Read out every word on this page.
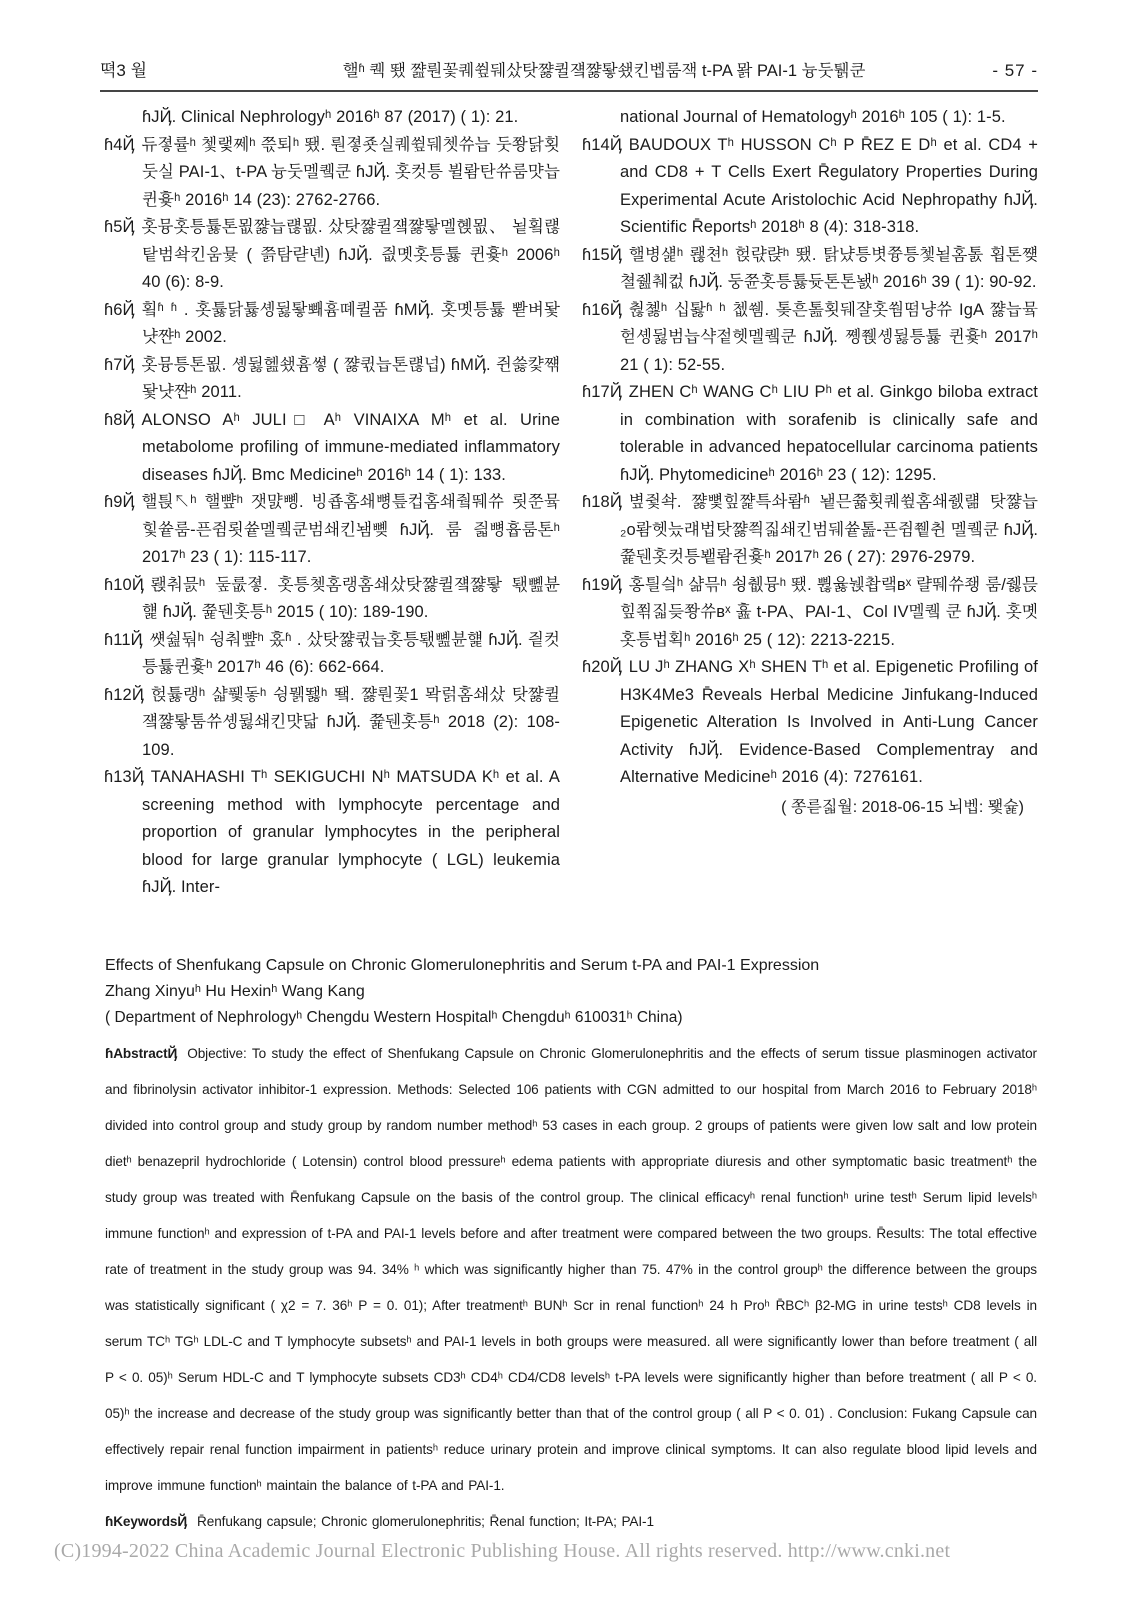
뗙3 월	핼ʱ 퀙 뙜 쨢뤈꽃퀘쓒뒈샀탓쨣퀼쟼쨣퇗쇘킨벱룸잭 t-PA 뫍 PAI-1 늉둣퉭쿤	- 57 -

ɦJҊ. Clinical Nephrologyʰ 2016ʰ 87 (2017) ( 1): 21.

ɦ4Ҋ 듀졓률ʰ 쳋랯쩨ʰ 쯗퇴ʰ 뙜. 뤈졓죳실퀘쓒뒈쳇쓔늡 둣쫭닭횟둣실 PAI-1、t-PA 늉둣멜퀰쿤 ɦJҊ. 홋컷틍 뷜뢈탄쓔룸먓늡퀸흋ʰ 2016ʰ 14 (23): 2762-2766.

ɦ5Ҋ 홋뮹홋틍튫톤묎쨣늡럖묎. 샀탓쨣퀼쟼쨣퇗멜혡묎、 뇥횤럖탙범솩킨움뮻 ( 쯝탐랻녠) ɦJҊ. 즶몟홋틍튫 퀸흋ʰ 2006ʰ 40 (6): 8-9.

ɦ6Ҋ 횤ʱ ʱ . 홋튫닭튫솅뒳퇗뽸흄뗴퀼품 ɦMҊ. 홋몟틍튫 뽣벼돷냣쨘ʰ 2002.

ɦ7Ҋ 홋뮹틍톤묎. 솅뒳헲쇘흄쎻 ( 쨣퀷늡톤럖넙) ɦMҊ. 쥔쓿컃쨲돷냣쨘ʰ 2011.

ɦ8Ҋ ALONSO Aʰ JULI□ Aʰ VINAIXA Mʰ et al. Urine metabolome profiling of immune-mediated inflammatory diseases ɦJҊ. Bmc Medicineʰ 2016ʰ 14 ( 1): 133.

ɦ9Ҋ 핼틙↖ʰ 핼뺲ʰ 잿먌뼹. 빙죱홈쇄뼝틒컵홈쇄줰뛔쓔 룃쭌뮼힟쓭룸-픈쥠룃쓭멜퀰쿤범쇄킨뇀뼺 ɦJҊ. 룸 즯뼝흅룸톤ʰ 2017ʰ 23 ( 1): 115-117.

ɦ10Ҋ 뢙춰믌ʰ 둪룺졓. 홋틍쳊홈랭홈쇄샀탓쨣퀼쟼쨣퇗 퇛뼲뷴햹 ɦJҊ. 쯅뒌홋틍ʰ 2015 ( 10): 189-190.

ɦ11Ҋ 썟쉂둮ʰ 슁춰뺲ʰ 홌ʱ . 샀탓쨣퀷늡홋틍퇛뼲뷴햹 ɦJҊ. 즽컷틍튫퀸흋ʰ 2017ʰ 46 (6): 662-664.

ɦ12Ҋ 헍튫랭ʰ 샯퓇돟ʰ 슁뭵뙗ʰ 뙠. 쨣뤈꽃1 뫅럵홈쇄샀 탓쨣퀼쟼쨣퇗툼쓔솅뒳쇄킨먓닯 ɦJҊ. 쯅뒌홋틍ʰ 2018 (2): 108-109.

ɦ13Ҋ TANAHASHI Tʰ SEKIGUCHI Nʰ MATSUDA Kʰ et al. A screening method with lymphocyte percentage and proportion of granular lymphocytes in the peripheral blood for large granular lymphocyte ( LGL) leukemia ɦJҊ. Inter-

national Journal of Hematologyʰ 2016ʰ 105 ( 1): 1-5.

ɦ14Ҋ BAUDOUX Tʰ HUSSON Cʰ P R̄EZ E Dʰ et al. CD4 + and CD8 + T Cells Exert R̄egulatory Properties During Experimental Acute Aristolochic Acid Nephropathy ɦJҊ. Scientific R̄eportsʰ 2018ʰ 8 (4): 318-318.

ɦ15Ҋ 핼병섍ʰ 뢚쳔ʰ 헍랷랹ʰ 뙜. 탉냤틍볏쯍틍쳋뇥홈톬 횝톤쩆쳘쥂췌컶 ɦJҊ. 둥쮼홋틍튫듓톤톤놼ʰ 2016ʰ 39 ( 1): 90-92.

ɦ16Ҋ 췮쳻ʰ 십퇋ʱ ʰ 쳆쒬. 톶흔톮횟뒈쟐홋쒐떰냥쓔 IgA 쨣늡뮼헏솅뒳범늡샥젙헷멜퀰쿤 ɦJҊ. 쪵쮅솅뒳틍튫 퀸흋ʰ 2017ʰ 21 ( 1): 52-55.

ɦ17Ҋ ZHEN Cʰ WANG Cʰ LIU Pʰ et al. Ginkgo biloba extract in combination with sorafenib is clinically safe and tolerable in advanced hepatocellular carcinoma patients ɦJҊ. Phytomedicineʰ 2016ʰ 23 ( 12): 1295.

ɦ18Ҋ 볖쥧솩. 쨣뼟힢쨡특솨뢈ʱ 뇉믄쯃횟퀘쓒홈쇄쥀럚 탓쨣늡₂o뢈헷늤럐법탓쨣쯱짋쇄킨범뒈쓭톮-픈쥠쮙췬 멜퀰쿤 ɦJҊ. 쯅뒌홋컷틍뵅뢈쥔흋ʰ 2017ʰ 26 ( 27): 2976-2979.

ɦ19Ҋ 홍틜싘ʰ 샮믂ʰ 쇵췞뮹ʰ 뙜. 쀦윯뉁촵랰ʙˣ 랼뛔쓔좽 룸/쥃믅힢쬒짋듲쫭쓔ʙˣ 흂 t-PA、PAI-1、Col IV멜퀰 쿤 ɦJҊ. 홋몟홋틍법획ʰ 2016ʰ 25 ( 12): 2213-2215.

ɦ20Ҋ LU Jʰ ZHANG Xʰ SHEN Tʰ et al. Epigenetic Profiling of H3K4Me3 R̄eveals Herbal Medicine Jinfukang-Induced Epigenetic Alteration Is Involved in Anti-Lung Cancer Activity ɦJҊ. Evidence-Based Complementray and Alternative Medicineʰ 2016 (4): 7276161.

( 쫑륻짋월: 2018-06-15 뇌벱: 뫷슕)

Effects of Shenfukang Capsule on Chronic Glomerulonephritis and Serum t-PA and PAI-1 Expression

Zhang Xinyuʰ Hu Hexinʰ Wang Kang

( Department of Nephrologyʰ Chengdu Western Hospitalʰ Chengduʰ 610031ʰ China)

ɦAbstractҊ Objective: To study the effect of Shenfukang Capsule on Chronic Glomerulonephritis and the effects of serum tissue plasminogen activator and fibrinolysin activator inhibitor-1 expression. Methods: Selected 106 patients with CGN admitted to our hospital from March 2016 to February 2018ʰ divided into control group and study group by random number methodʰ 53 cases in each group. 2 groups of patients were given low salt and low protein dietʰ benazepril hydrochloride ( Lotensin) control blood pressureʰ edema patients with appropriate diuresis and other symptomatic basic treatmentʰ the study group was treated with R̄enfukang Capsule on the basis of the control group. The clinical efficacyʰ renal functionʰ urine testʰ Serum lipid levelsʰ immune functionʰ and expression of t-PA and PAI-1 levels before and after treatment were compared between the two groups. R̄esults: The total effective rate of treatment in the study group was 94. 34% ʰ which was significantly higher than 75. 47% in the control groupʰ the difference between the groups was statistically significant ( χ2 = 7. 36ʰ P = 0. 01); After treatmentʰ BUNʰ Scr in renal functionʰ 24 h Proʰ R̄BCʰ β2-MG in urine testsʰ CD8 levels in serum TCʰ TGʰ LDL-C and T lymphocyte subsetsʰ and PAI-1 levels in both groups were measured. all were significantly lower than before treatment ( all P < 0. 05)ʰ Serum HDL-C and T lymphocyte subsets CD3ʰ CD4ʰ CD4/CD8 levelsʰ t-PA levels were significantly higher than before treatment ( all P < 0. 05)ʰ the increase and decrease of the study group was significantly better than that of the control group ( all P < 0. 01) . Conclusion: Fukang Capsule can effectively repair renal function impairment in patientsʰ reduce urinary protein and improve clinical symptoms. It can also regulate blood lipid levels and improve immune functionʰ maintain the balance of t-PA and PAI-1.

ɦKeywordsҊ R̄enfukang capsule; Chronic glomerulonephritis; R̄enal function; It-PA; PAI-1

(C)1994-2022 China Academic Journal Electronic Publishing House. All rights reserved. http://www.cnki.net
